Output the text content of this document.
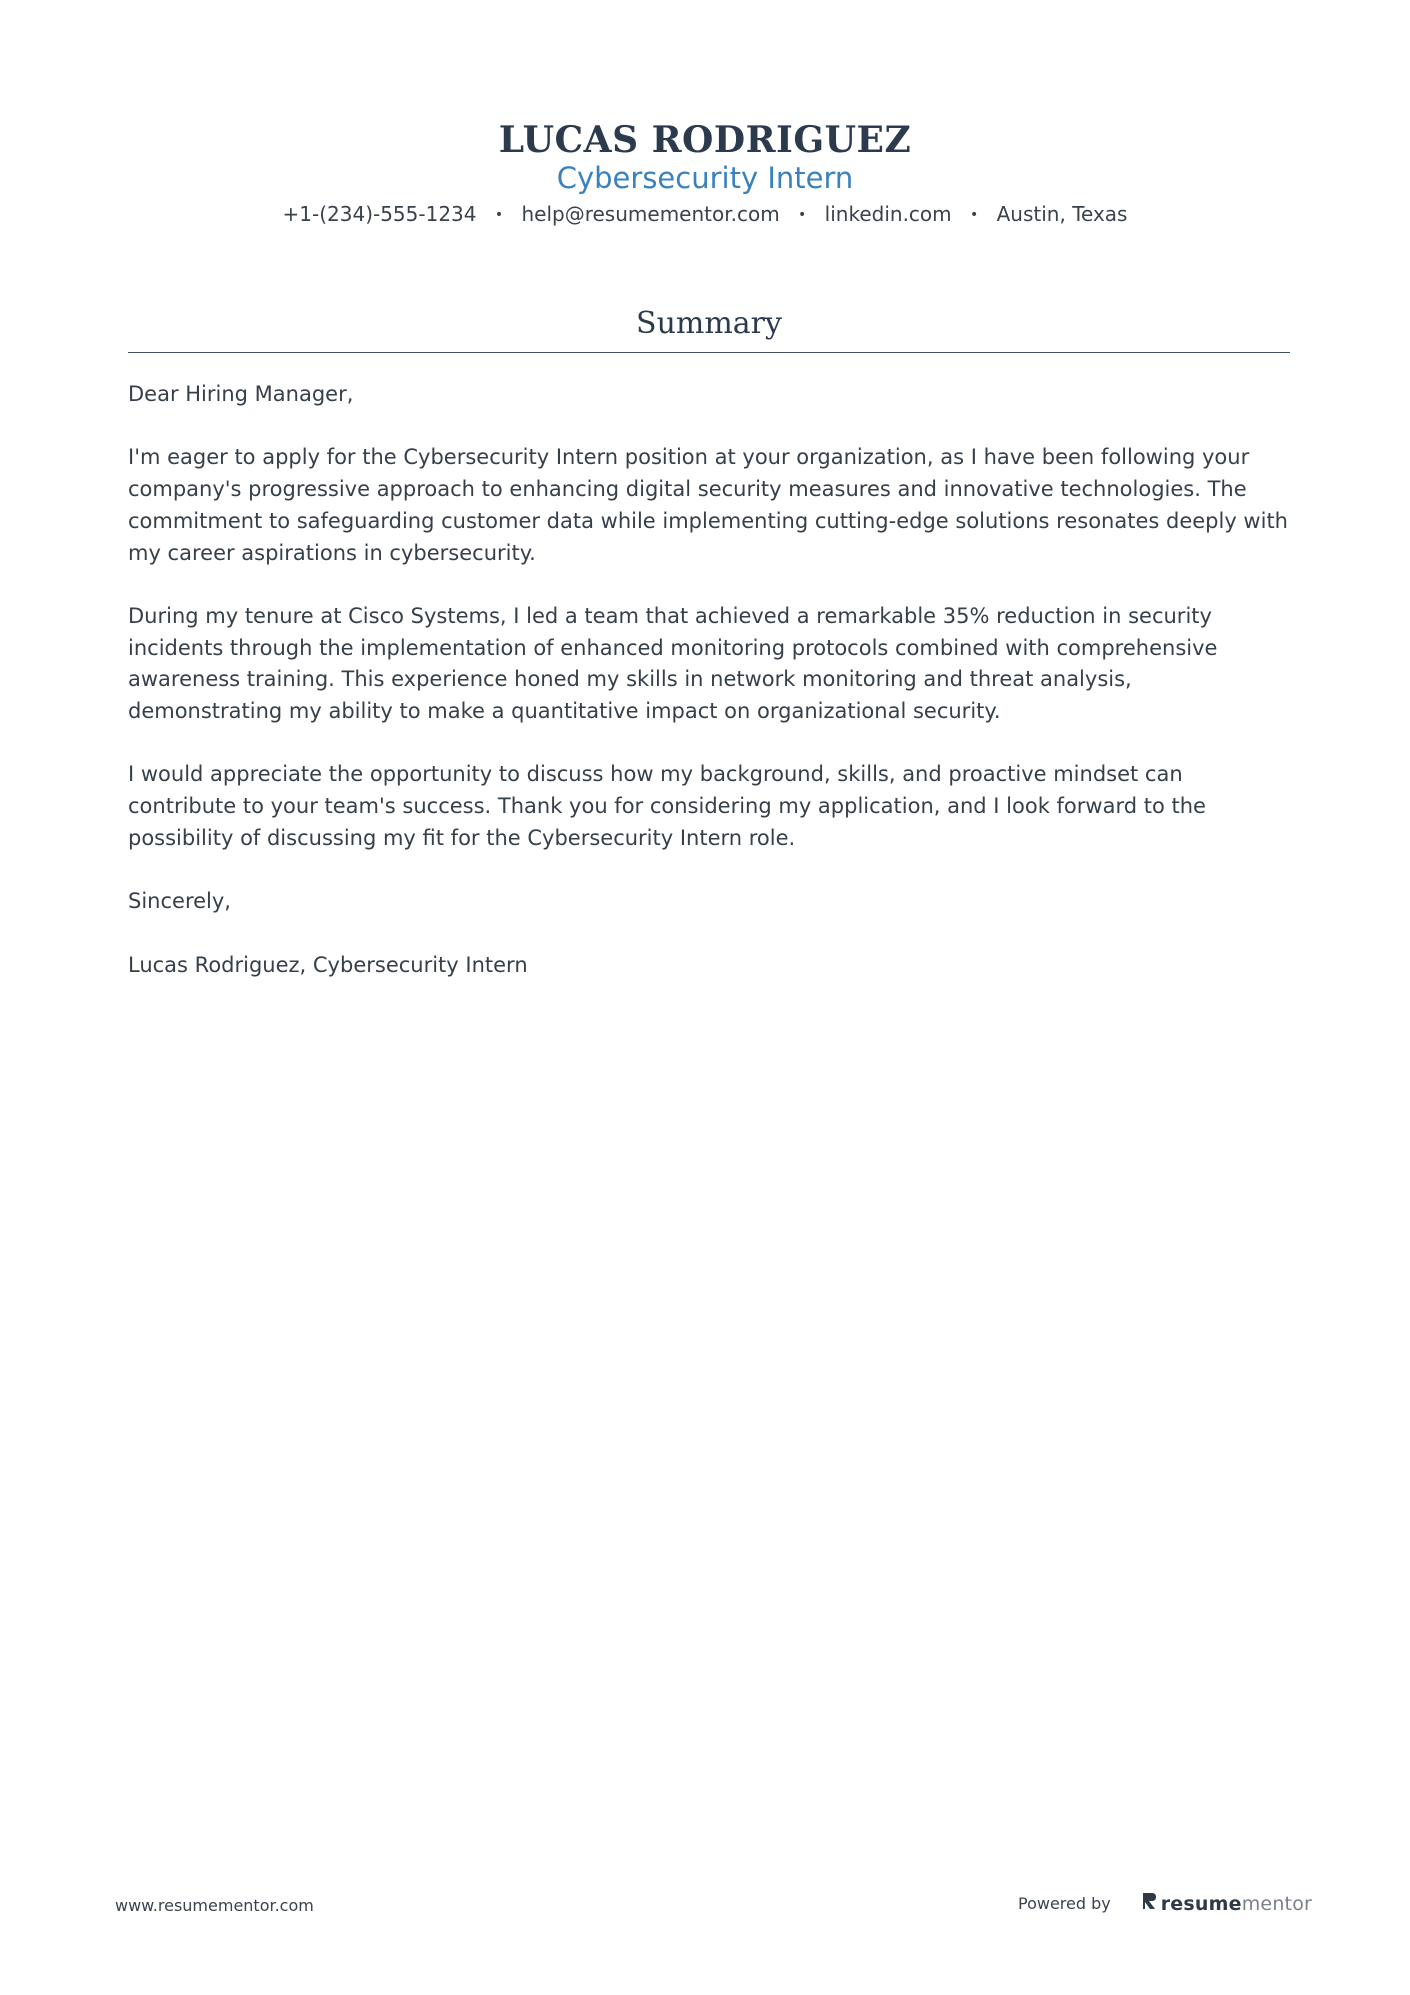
LUCAS RODRIGUEZ
Cybersecurity Intern
+1-(234)-555-1234 • help@resumementor.com • linkedin.com • Austin, Texas
Summary

Dear Hiring Manager,

I'm eager to apply for the Cybersecurity Intern position at your organization, as I have been following your company's progressive approach to enhancing digital security measures and innovative technologies. The commitment to safeguarding customer data while implementing cutting-edge solutions resonates deeply with my career aspirations in cybersecurity.

During my tenure at Cisco Systems, I led a team that achieved a remarkable 35% reduction in security incidents through the implementation of enhanced monitoring protocols combined with comprehensive awareness training. This experience honed my skills in network monitoring and threat analysis, demonstrating my ability to make a quantitative impact on organizational security.

I would appreciate the opportunity to discuss how my background, skills, and proactive mindset can contribute to your team's success. Thank you for considering my application, and I look forward to the possibility of discussing my fit for the Cybersecurity Intern role.

Sincerely,

Lucas Rodriguez, Cybersecurity Intern

www.resumementor.com	Powered by	resume mentor
